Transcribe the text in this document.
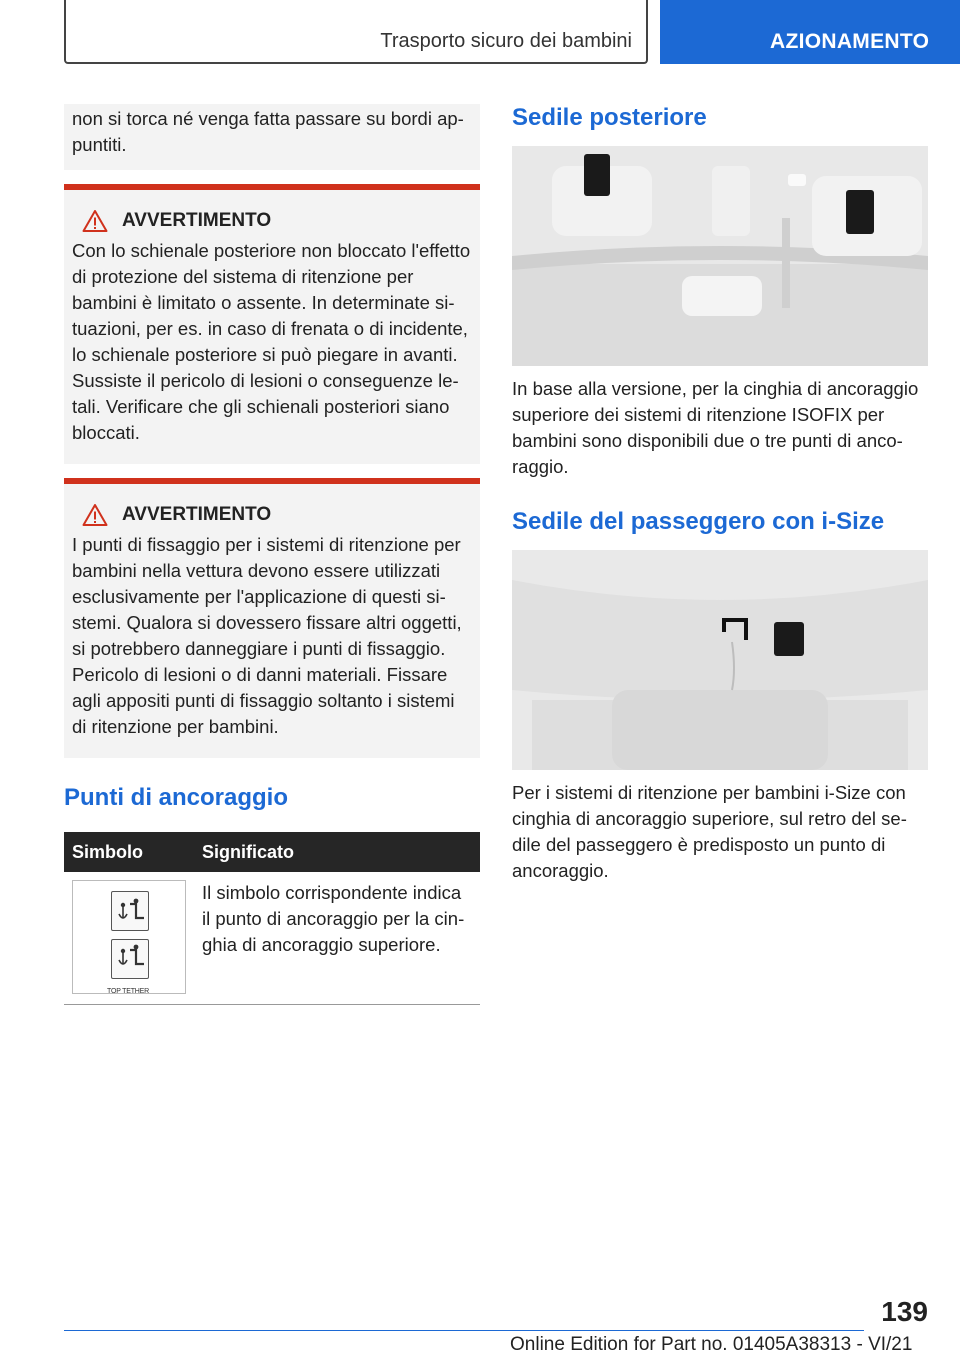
Trasporto sicuro dei bambini	AZIONAMENTO
non si torca né venga fatta passare su bordi appuntiti.
AVVERTIMENTO
Con lo schienale posteriore non bloccato l'effetto di protezione del sistema di ritenzione per bambini è limitato o assente. In determinate situazioni, per es. in caso di frenata o di incidente, lo schienale posteriore si può piegare in avanti. Sussiste il pericolo di lesioni o conseguenze letali. Verificare che gli schienali posteriori siano bloccati.
AVVERTIMENTO
I punti di fissaggio per i sistemi di ritenzione per bambini nella vettura devono essere utilizzati esclusivamente per l'applicazione di questi sistemi. Qualora si dovessero fissare altri oggetti, si potrebbero danneggiare i punti di fissaggio. Pericolo di lesioni o di danni materiali. Fissare agli appositi punti di fissaggio soltanto i sistemi di ritenzione per bambini.
Punti di ancoraggio
Simbolo	Significato

TOP TETHER	Il simbolo corrispondente indica il punto di ancoraggio per la cinghia di ancoraggio superiore.
Sedile posteriore
In base alla versione, per la cinghia di ancoraggio superiore dei sistemi di ritenzione ISOFIX per bambini sono disponibili due o tre punti di ancoraggio.
Sedile del passeggero con i-Size
Per i sistemi di ritenzione per bambini i-Size con cinghia di ancoraggio superiore, sul retro del sedile del passeggero è predisposto un punto di ancoraggio.
139
Online Edition for Part no. 01405A38313 - VI/21
